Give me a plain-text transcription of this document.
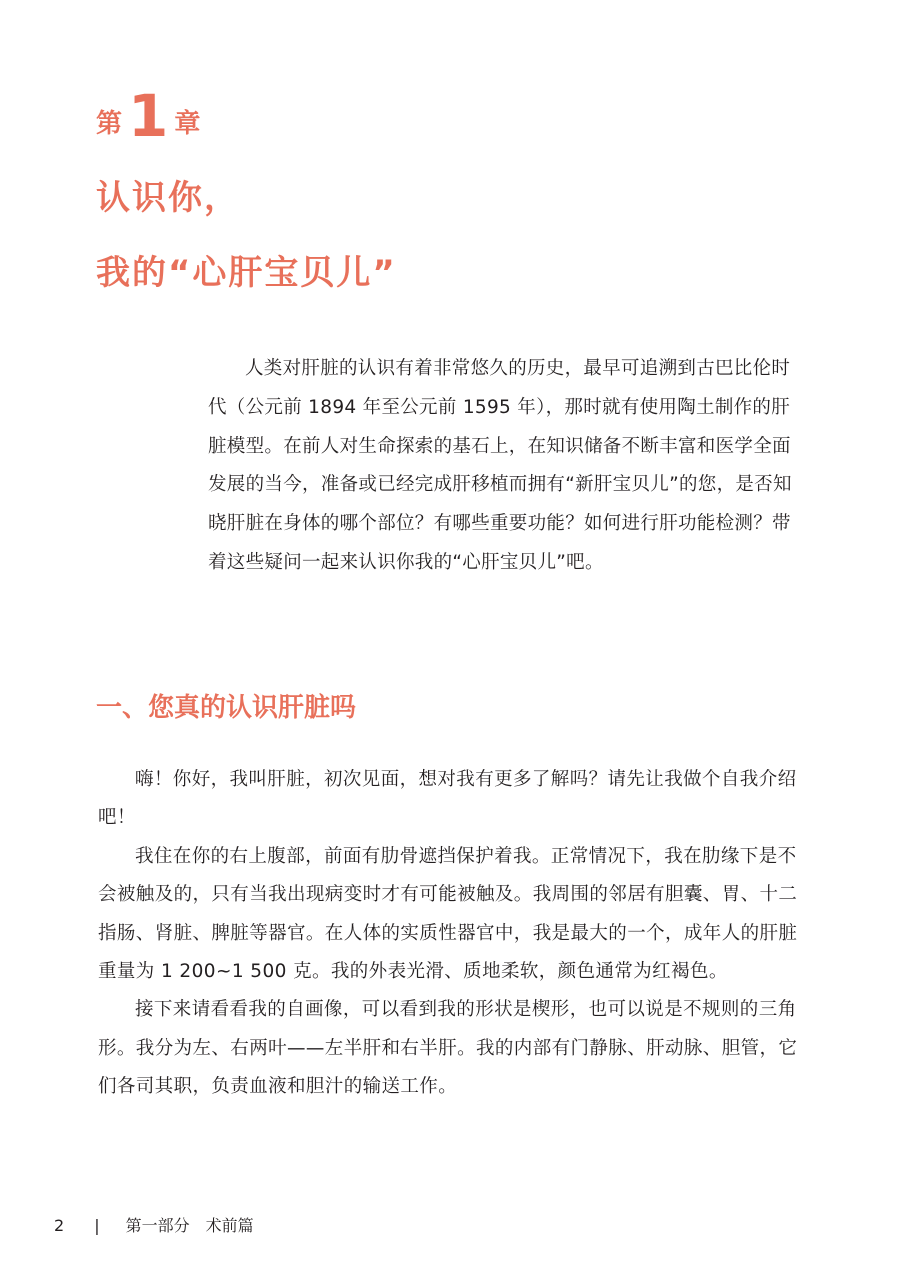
第 1 章
认识你，
我的“心肝宝贝儿”

人类对肝脏的认识有着非常悠久的历史，最早可追溯到古巴比伦时代（公元前 1894 年至公元前 1595 年），那时就有使用陶土制作的肝脏模型。在前人对生命探索的基石上，在知识储备不断丰富和医学全面发展的当今，准备或已经完成肝移植而拥有“新肝宝贝儿”的您，是否知晓肝脏在身体的哪个部位？有哪些重要功能？如何进行肝功能检测？带着这些疑问一起来认识你我的“心肝宝贝儿”吧。

一、您真的认识肝脏吗

嗨！你好，我叫肝脏，初次见面，想对我有更多了解吗？请先让我做个自我介绍吧！

我住在你的右上腹部，前面有肋骨遮挡保护着我。正常情况下，我在肋缘下是不会被触及的，只有当我出现病变时才有可能被触及。我周围的邻居有胆囊、胃、十二指肠、肾脏、脾脏等器官。在人体的实质性器官中，我是最大的一个，成年人的肝脏重量为 1 200~1 500 克。我的外表光滑、质地柔软，颜色通常为红褐色。

接下来请看看我的自画像，可以看到我的形状是楔形，也可以说是不规则的三角形。我分为左、右两叶——左半肝和右半肝。我的内部有门静脉、肝动脉、胆管，它们各司其职，负责血液和胆汁的输送工作。

2 | 第一部分　术前篇
